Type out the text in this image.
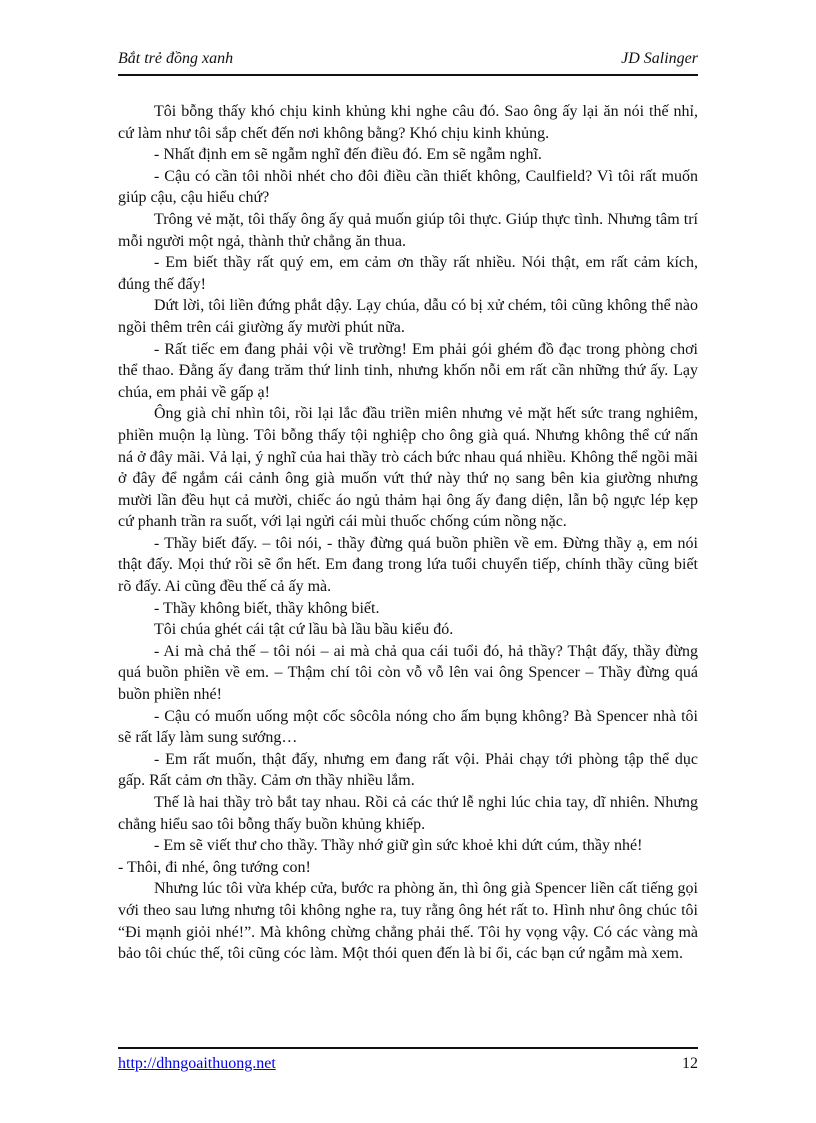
Bắt trẻ đồng xanh	JD Salinger

Tôi bỗng thấy khó chịu kinh khủng khi nghe câu đó. Sao ông ấy lại ăn nói thế nhỉ, cứ làm như tôi sắp chết đến nơi không bằng? Khó chịu kinh khủng.

- Nhất định em sẽ ngẫm nghĩ đến điều đó. Em sẽ ngẫm nghĩ.

- Cậu có cần tôi nhồi nhét cho đôi điều cần thiết không, Caulfield? Vì tôi rất muốn giúp cậu, cậu hiểu chứ?

Trông vẻ mặt, tôi thấy ông ấy quả muốn giúp tôi thực. Giúp thực tình. Nhưng tâm trí mỗi người một ngả, thành thử chẳng ăn thua.

- Em biết thầy rất quý em, em cảm ơn thầy rất nhiều. Nói thật, em rất cảm kích, đúng thế đấy!

Dứt lời, tôi liền đứng phắt dậy. Lạy chúa, dẫu có bị xử chém, tôi cũng không thể nào ngồi thêm trên cái giường ấy mười phút nữa.

- Rất tiếc em đang phải vội về trường! Em phải gói ghém đồ đạc trong phòng chơi thể thao. Đằng ấy đang trăm thứ linh tinh, nhưng khốn nỗi em rất cần những thứ ấy. Lạy chúa, em phải về gấp ạ!

Ông già chỉ nhìn tôi, rồi lại lắc đầu triền miên nhưng vẻ mặt hết sức trang nghiêm, phiền muộn lạ lùng. Tôi bỗng thấy tội nghiệp cho ông già quá. Nhưng không thể cứ nấn ná ở đây mãi. Vả lại, ý nghĩ của hai thầy trò cách bức nhau quá nhiều. Không thể ngồi mãi ở đây để ngắm cái cảnh ông già muốn vứt thứ này thứ nọ sang bên kia giường nhưng mười lần đều hụt cả mười, chiếc áo ngủ thảm hại ông ấy đang diện, lẫn bộ ngực lép kẹp cứ phanh trần ra suốt, với lại ngửi cái mùi thuốc chống cúm nồng nặc.

- Thầy biết đấy. – tôi nói, - thầy đừng quá buồn phiền về em. Đừng thầy ạ, em nói thật đấy. Mọi thứ rồi sẽ ổn hết. Em đang trong lứa tuổi chuyển tiếp, chính thầy cũng biết rõ đấy. Ai cũng đều thế cả ấy mà.

- Thầy không biết, thầy không biết.

Tôi chúa ghét cái tật cứ lầu bà lầu bầu kiểu đó.

- Ai mà chả thế – tôi nói – ai mà chả qua cái tuổi đó, hả thầy? Thật đấy, thầy đừng quá buồn phiền về em. – Thậm chí tôi còn vỗ vỗ lên vai ông Spencer – Thầy đừng quá buồn phiền nhé!

- Cậu có muốn uống một cốc sôcôla nóng cho ấm bụng không? Bà Spencer nhà tôi sẽ rất lấy làm sung sướng…

- Em rất muốn, thật đấy, nhưng em đang rất vội. Phải chạy tới phòng tập thể dục gấp. Rất cảm ơn thầy. Cảm ơn thầy nhiều lắm.

Thế là hai thầy trò bắt tay nhau. Rồi cả các thứ lễ nghi lúc chia tay, dĩ nhiên. Nhưng chẳng hiểu sao tôi bỗng thấy buồn khủng khiếp.

- Em sẽ viết thư cho thầy. Thầy nhớ giữ gìn sức khoẻ khi dứt cúm, thầy nhé!

- Thôi, đi nhé, ông tướng con!

Nhưng lúc tôi vừa khép cửa, bước ra phòng ăn, thì ông già Spencer liền cất tiếng gọi với theo sau lưng nhưng tôi không nghe ra, tuy rằng ông hét rất to. Hình như ông chúc tôi “Đi mạnh giỏi nhé!”. Mà không chừng chẳng phải thế. Tôi hy vọng vậy. Có các vàng mà bảo tôi chúc thế, tôi cũng cóc làm. Một thói quen đến là bỉ ổi, các bạn cứ ngẫm mà xem.

http://dhngoaithuong.net	12
